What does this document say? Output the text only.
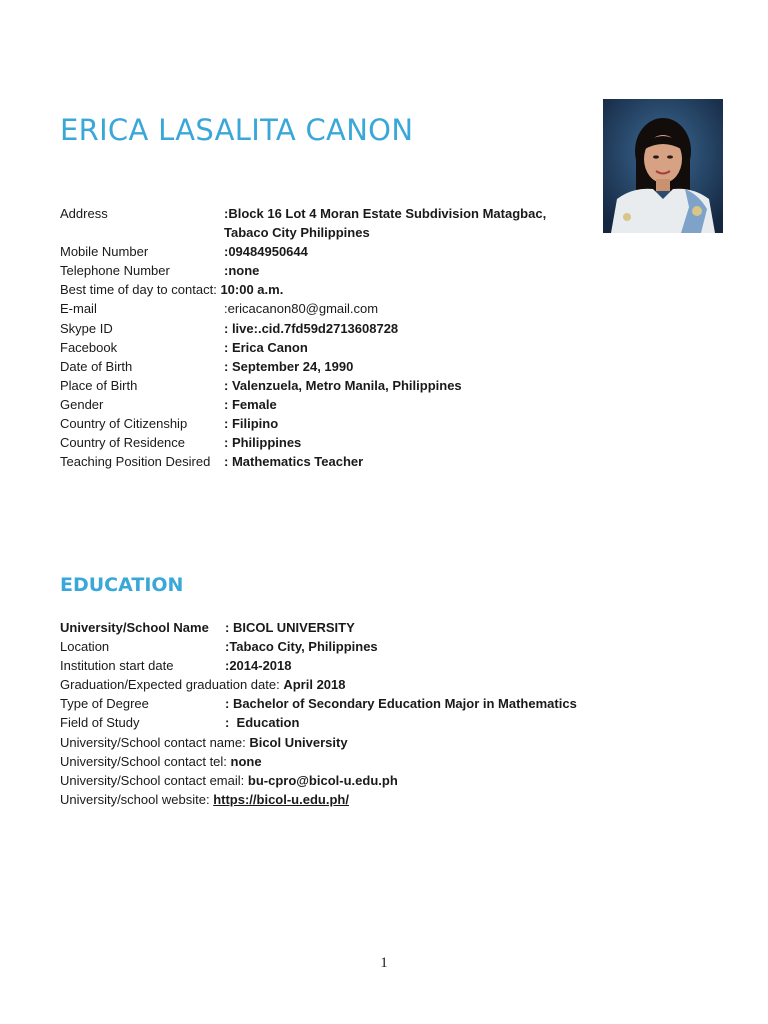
ERICA LASALITA CANON
Address	:Block 16 Lot 4 Moran Estate Subdivision Matagbac,
Tabaco City Philippines
Mobile Number	:09484950644
Telephone Number	:none
Best time of day to contact: 10:00 a.m.
E-mail	:ericacanon80@gmail.com
Skype ID	: live:.cid.7fd59d2713608728
Facebook	: Erica Canon
Date of Birth	: September 24, 1990
Place of Birth	: Valenzuela, Metro Manila, Philippines
Gender	: Female
Country of Citizenship	: Filipino
Country of Residence	: Philippines
Teaching Position Desired : Mathematics Teacher
EDUCATION
University/School Name : BICOL UNIVERSITY
Location	:Tabaco City, Philippines
Institution start date	:2014-2018
Graduation/Expected graduation date: April 2018
Type of Degree	: Bachelor of Secondary Education Major in Mathematics
Field of Study	:  Education
University/School contact name: Bicol University
University/School contact tel: none
University/School contact email: bu-cpro@bicol-u.edu.ph
University/school website: https://bicol-u.edu.ph/
1
